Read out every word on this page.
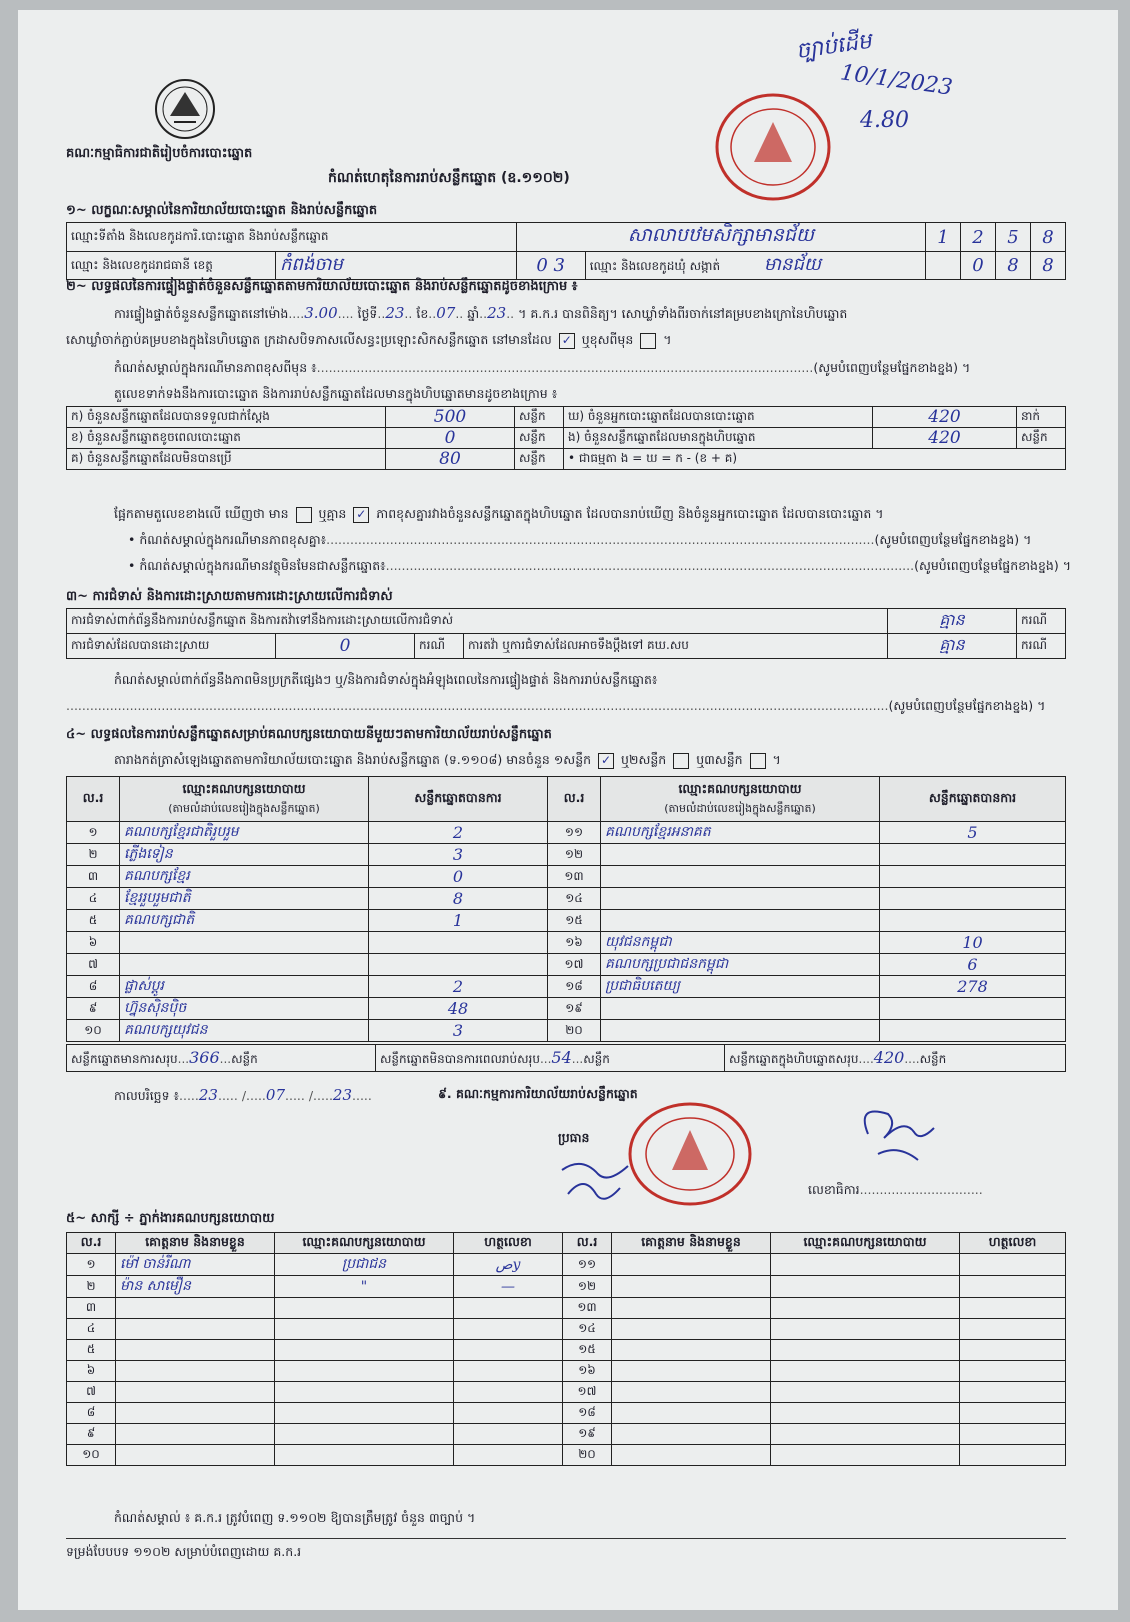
គណៈកម្មាធិការជាតិរៀបចំការបោះឆ្នោត
កំណត់ហេតុនៃការរាប់សន្លឹកឆ្នោត (ឧ.១១០២)
ច្បាប់ដើម
10/1/2023
4.80
១~ លក្ខណៈសម្គាល់នៃការិយាល័យបោះឆ្នោត និងរាប់សន្លឹកឆ្នោត
ឈ្មោះទីតាំង និងលេខកូដការិ.បោះឆ្នោត និងរាប់សន្លឹកឆ្នោត		សាលាបឋមសិក្សាមានជ័យ		1	2	5	8
ឈ្មោះ និងលេខកូដរាជធានី ខេត្ត	កំពង់ចាម	0 3	ឈ្មោះ និងលេខកូដឃុំ សង្កាត់ មានជ័យ		0	8	8
២~ លទ្ធផលនៃការផ្ទៀងផ្ទាត់ចំនួនសន្លឹកឆ្នោតតាមការិយាល័យបោះឆ្នោត និងរាប់សន្លឹកឆ្នោតដូចខាងក្រោម ៖
ការផ្ទៀងផ្ទាត់ចំនួនសន្លឹកឆ្នោតនៅម៉ោង....3.00.... ថ្ងៃទី..23.. ខែ..07.. ឆ្នាំ..23.. ។ គ.ក.រ បានពិនិត្យ។ សោឃ្លាំទាំងពីរចាក់នៅគម្របខាងក្រោនៃហិបឆ្នោត
សោឃ្លាំចាក់ភ្ជាប់គម្របខាងក្នុងនៃហិបឆ្នោត ក្រដាសបិទភាសលើសន្ធះប្រឡោះសិកសន្លឹកឆ្នោត នៅមានដែល ✓ ឬខុសពីមុន ។
កំណត់សម្គាល់ក្នុងករណីមានភាពខុសពីមុន ៖.............................................................................................................................(សូមបំពេញបន្ថែមផ្នែកខាងខ្នង) ។
តួលេខទាក់ទងនឹងការបោះឆ្នោត និងការរាប់សន្លឹកឆ្នោតដែលមានក្នុងហិបឆ្នោតមានដូចខាងក្រោម ៖
ក) ចំនួនសន្លឹកឆ្នោតដែលបានទទួលជាក់ស្តែង	500	សន្លឹក	ឃ) ចំនួនអ្នកបោះឆ្នោតដែលបានបោះឆ្នោត	420	នាក់
ខ) ចំនួនសន្លឹកឆ្នោតខូចពេលបោះឆ្នោត	0	សន្លឹក	ង) ចំនួនសន្លឹកឆ្នោតដែលមានក្នុងហិបឆ្នោត	420	សន្លឹក
គ) ចំនួនសន្លឹកឆ្នោតដែលមិនបានប្រើ	80	សន្លឹក	• ជាធម្មតា ង = ឃ = ក - (ខ + គ)		
ផ្អែកតាមតួលេខខាងលើ ឃើញថា មាន ឬគ្មាន ✓ ភាពខុសគ្នារវាងចំនួនសន្លឹកឆ្នោតក្នុងហិបឆ្នោត ដែលបានរាប់ឃើញ និងចំនួនអ្នកបោះឆ្នោត ដែលបានបោះឆ្នោត ។
• កំណត់សម្គាល់ក្នុងករណីមានភាពខុសគ្នា៖..........................................................................................................................................(សូមបំពេញបន្ថែមផ្នែកខាងខ្នង) ។
• កំណត់សម្គាល់ក្នុងករណីមានវត្ថុមិនមែនជាសន្លឹកឆ្នោត៖.....................................................................................................................................(សូមបំពេញបន្ថែមផ្នែកខាងខ្នង) ។
៣~ ការជំទាស់ និងការដោះស្រាយតាមការដោះស្រាយលើការជំទាស់
ការជំទាស់ពាក់ព័ន្ធនឹងការរាប់សន្លឹកឆ្នោត និងការតវ៉ាទៅនឹងការដោះស្រាយលើការជំទាស់				គ្មាន	ករណី
ការជំទាស់ដែលបានដោះស្រាយ	0	ករណី	ការតវ៉ា ឬការជំទាស់ដែលអាចទឹងប្តឹងទៅ គឃ.សប	គ្មាន	ករណី
កំណត់សម្គាល់ពាក់ព័ន្ធនឹងភាពមិនប្រក្រតីផ្សេងៗ ឬ/និងការជំទាស់ក្នុងអំឡុងពេលនៃការផ្ទៀងផ្ទាត់ និងការរាប់សន្លឹកឆ្នោត៖
...............................................................................................................................................................................................................(សូមបំពេញបន្ថែមផ្នែកខាងខ្នង) ។
៤~ លទ្ធផលនៃការរាប់សន្លឹកឆ្នោតសម្រាប់គណបក្សនយោបាយនីមួយៗតាមការិយាល័យរាប់សន្លឹកឆ្នោត
តារាងកត់ត្រាសំឡេងឆ្នោតតាមការិយាល័យបោះឆ្នោត និងរាប់សន្លឹកឆ្នោត (ទ.១១០៨) មានចំនួន ១សន្លឹក ✓ ឬ២សន្លឹក ឬ៣សន្លឹក ។
ល.រ	ឈ្មោះគណបក្សនយោបាយ
(តាមលំដាប់លេខរៀងក្នុងសន្លឹកឆ្នោត)	សន្លឹកឆ្នោតបានការ	ល.រ	ឈ្មោះគណបក្សនយោបាយ
(តាមលំដាប់លេខរៀងក្នុងសន្លឹកឆ្នោត)	សន្លឹកឆ្នោតបានការ
១	គណបក្សខ្មែរជាតិរួបរួម	2	១១	គណបក្សខ្មែរអនាគត	5
២	ភ្លើងទៀន	3	១២		
៣	គណបក្សខ្មែរ	0	១៣		
៤	ខ្មែររួបរួមជាតិ	8	១៤		
៥	គណបក្សជាតិ	1	១៥		
៦			១៦	យុវជនកម្ពុជា	10
៧			១៧	គណបក្សប្រជាជនកម្ពុជា	6
៨	ផ្លាស់ប្តូរ	2	១៨	ប្រជាធិបតេយ្យ	278
៩	ហ្វ៊ុនស៊ិនប៉ិច	48	១៩		
១០	គណបក្សយុវជន	3	២០		
សន្លឹកឆ្នោតមានការសរុប...366...សន្លឹក	សន្លឹកឆ្នោតមិនបានការពេលរាប់សរុប...54...សន្លឹក	សន្លឹកឆ្នោតក្នុងហិបឆ្នោតសរុប....420....សន្លឹក
កាលបរិច្ឆេទ ៖.....23..... /.....07..... /.....23.....	៩. គណៈកម្មការការិយាល័យរាប់សន្លឹកឆ្នោត
ប្រធាន
លេខាធិការ...............................
៥~ សាក្សី ÷ ភ្នាក់ងារគណបក្សនយោបាយ
ល.រ	គោត្តនាម និងនាមខ្លួន	ឈ្មោះគណបក្សនយោបាយ	ហត្ថលេខា	ល.រ	គោត្តនាម និងនាមខ្លួន	ឈ្មោះគណបក្សនយោបាយ	ហត្ថលេខា
១	ម៉ៅ ចាន់រីណា	ប្រជាជន	ﺹy	១១			
២	ម៉ាន សាមឿន	"	—	១២			
៣				១៣			
៤				១៤			
៥				១៥			
៦				១៦			
៧				១៧			
៨				១៨			
៩				១៩			
១០				២០			
កំណត់សម្គាល់ ៖ គ.ក.រ ត្រូវបំពេញ ទ.១១០២ ឱ្យបានត្រឹមត្រូវ ចំនួន ៣ច្បាប់ ។
ទម្រង់បែបបទ ១១០២ សម្រាប់បំពេញដោយ គ.ក.រ
